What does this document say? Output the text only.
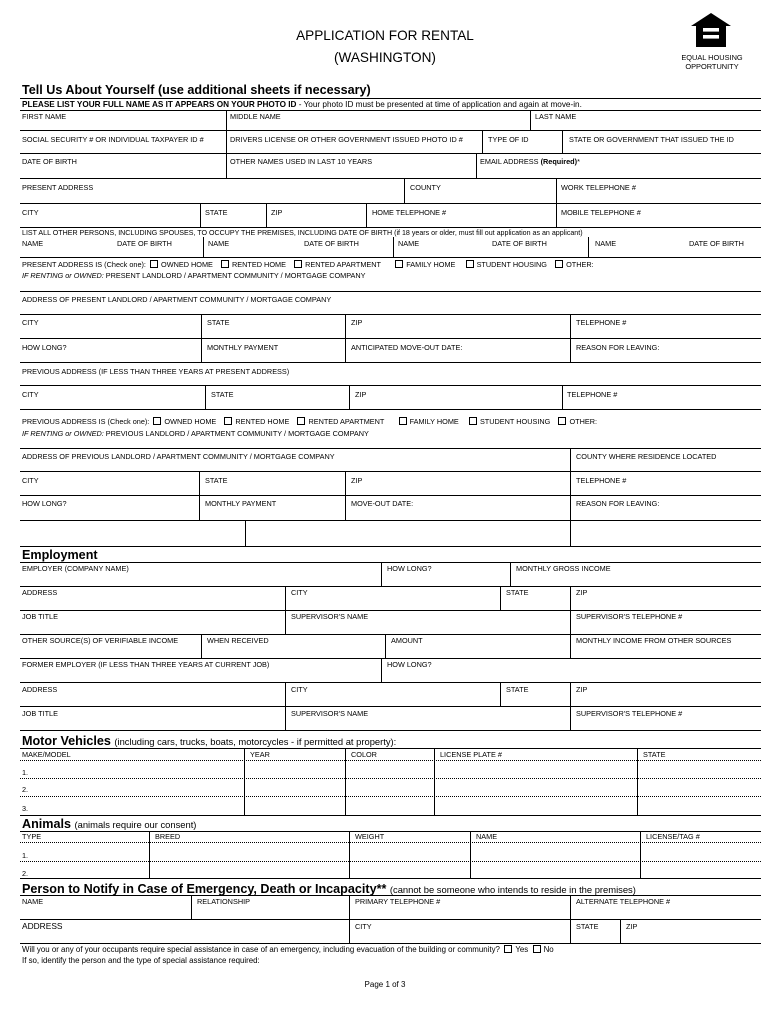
APPLICATION FOR RENTAL
(WASHINGTON)	EQUAL HOUSING
OPPORTUNITY
Tell Us About Yourself (use additional sheets if necessary)
PLEASE LIST YOUR FULL NAME AS IT APPEARS ON YOUR PHOTO ID - Your photo ID must be presented at time of application and again at move-in.
FIRST NAME	MIDDLE NAME	LAST NAME
SOCIAL SECURITY # OR INDIVIDUAL TAXPAYER ID #	DRIVERS LICENSE OR OTHER GOVERNMENT ISSUED PHOTO ID #	TYPE OF ID	STATE OR GOVERNMENT THAT ISSUED THE ID
DATE OF BIRTH	OTHER NAMES USED IN LAST 10 YEARS	EMAIL ADDRESS (Required)*
PRESENT ADDRESS	COUNTY	WORK TELEPHONE #
CITY	STATE	ZIP	HOME TELEPHONE #	MOBILE TELEPHONE #
LIST ALL OTHER PERSONS, INCLUDING SPOUSES, TO OCCUPY THE PREMISES, INCLUDING DATE OF BIRTH (if 18 years or older, must fill out application as an applicant)
NAME	DATE OF BIRTH	NAME	DATE OF BIRTH	NAME	DATE OF BIRTH	NAME	DATE OF BIRTH
PRESENT ADDRESS IS (Check one): OWNED HOME	RENTED HOME	RENTED APARTMENT	FAMILY HOME	STUDENT HOUSING	OTHER:
IF RENTING or OWNED: PRESENT LANDLORD / APARTMENT COMMUNITY / MORTGAGE COMPANY
ADDRESS OF PRESENT LANDLORD / APARTMENT COMMUNITY / MORTGAGE COMPANY
CITY	STATE	ZIP	TELEPHONE #
HOW LONG?	MONTHLY PAYMENT	ANTICIPATED MOVE-OUT DATE:	REASON FOR LEAVING:
PREVIOUS ADDRESS (IF LESS THAN THREE YEARS AT PRESENT ADDRESS)
CITY	STATE	ZIP	TELEPHONE #
PREVIOUS ADDRESS IS (Check one): OWNED HOME	RENTED HOME	RENTED APARTMENT	FAMILY HOME	STUDENT HOUSING	OTHER:
IF RENTING or OWNED: PREVIOUS LANDLORD / APARTMENT COMMUNITY / MORTGAGE COMPANY
ADDRESS OF PREVIOUS LANDLORD / APARTMENT COMMUNITY / MORTGAGE COMPANY	COUNTY WHERE RESIDENCE LOCATED
CITY	STATE	ZIP	TELEPHONE #
HOW LONG?	MONTHLY PAYMENT	MOVE-OUT DATE:	REASON FOR LEAVING:
Employment
EMPLOYER (COMPANY NAME)	HOW LONG?	MONTHLY GROSS INCOME
ADDRESS	CITY	STATE	ZIP
JOB TITLE	SUPERVISOR'S NAME	SUPERVISOR'S TELEPHONE #
OTHER SOURCE(S) OF VERIFIABLE INCOME	WHEN RECEIVED	AMOUNT	MONTHLY INCOME FROM OTHER SOURCES
FORMER EMPLOYER (IF LESS THAN THREE YEARS AT CURRENT JOB)	HOW LONG?
ADDRESS	CITY	STATE	ZIP
JOB TITLE	SUPERVISOR'S NAME	SUPERVISOR'S TELEPHONE #
Motor Vehicles (including cars, trucks, boats, motorcycles - if permitted at property):
MAKE/MODEL	YEAR	COLOR	LICENSE PLATE #	STATE
1.
2.
3.
Animals (animals require our consent)
TYPE	BREED	WEIGHT	NAME	LICENSE/TAG #
1.
2.
Person to Notify in Case of Emergency, Death or Incapacity** (cannot be someone who intends to reside in the premises)
NAME	RELATIONSHIP	PRIMARY TELEPHONE #	ALTERNATE TELEPHONE #
ADDRESS	CITY	STATE	ZIP
Will you or any of your occupants require special assistance in case of an emergency, including evacuation of the building or community? Yes No
If so, identify the person and the type of special assistance required:
Page 1 of 3
